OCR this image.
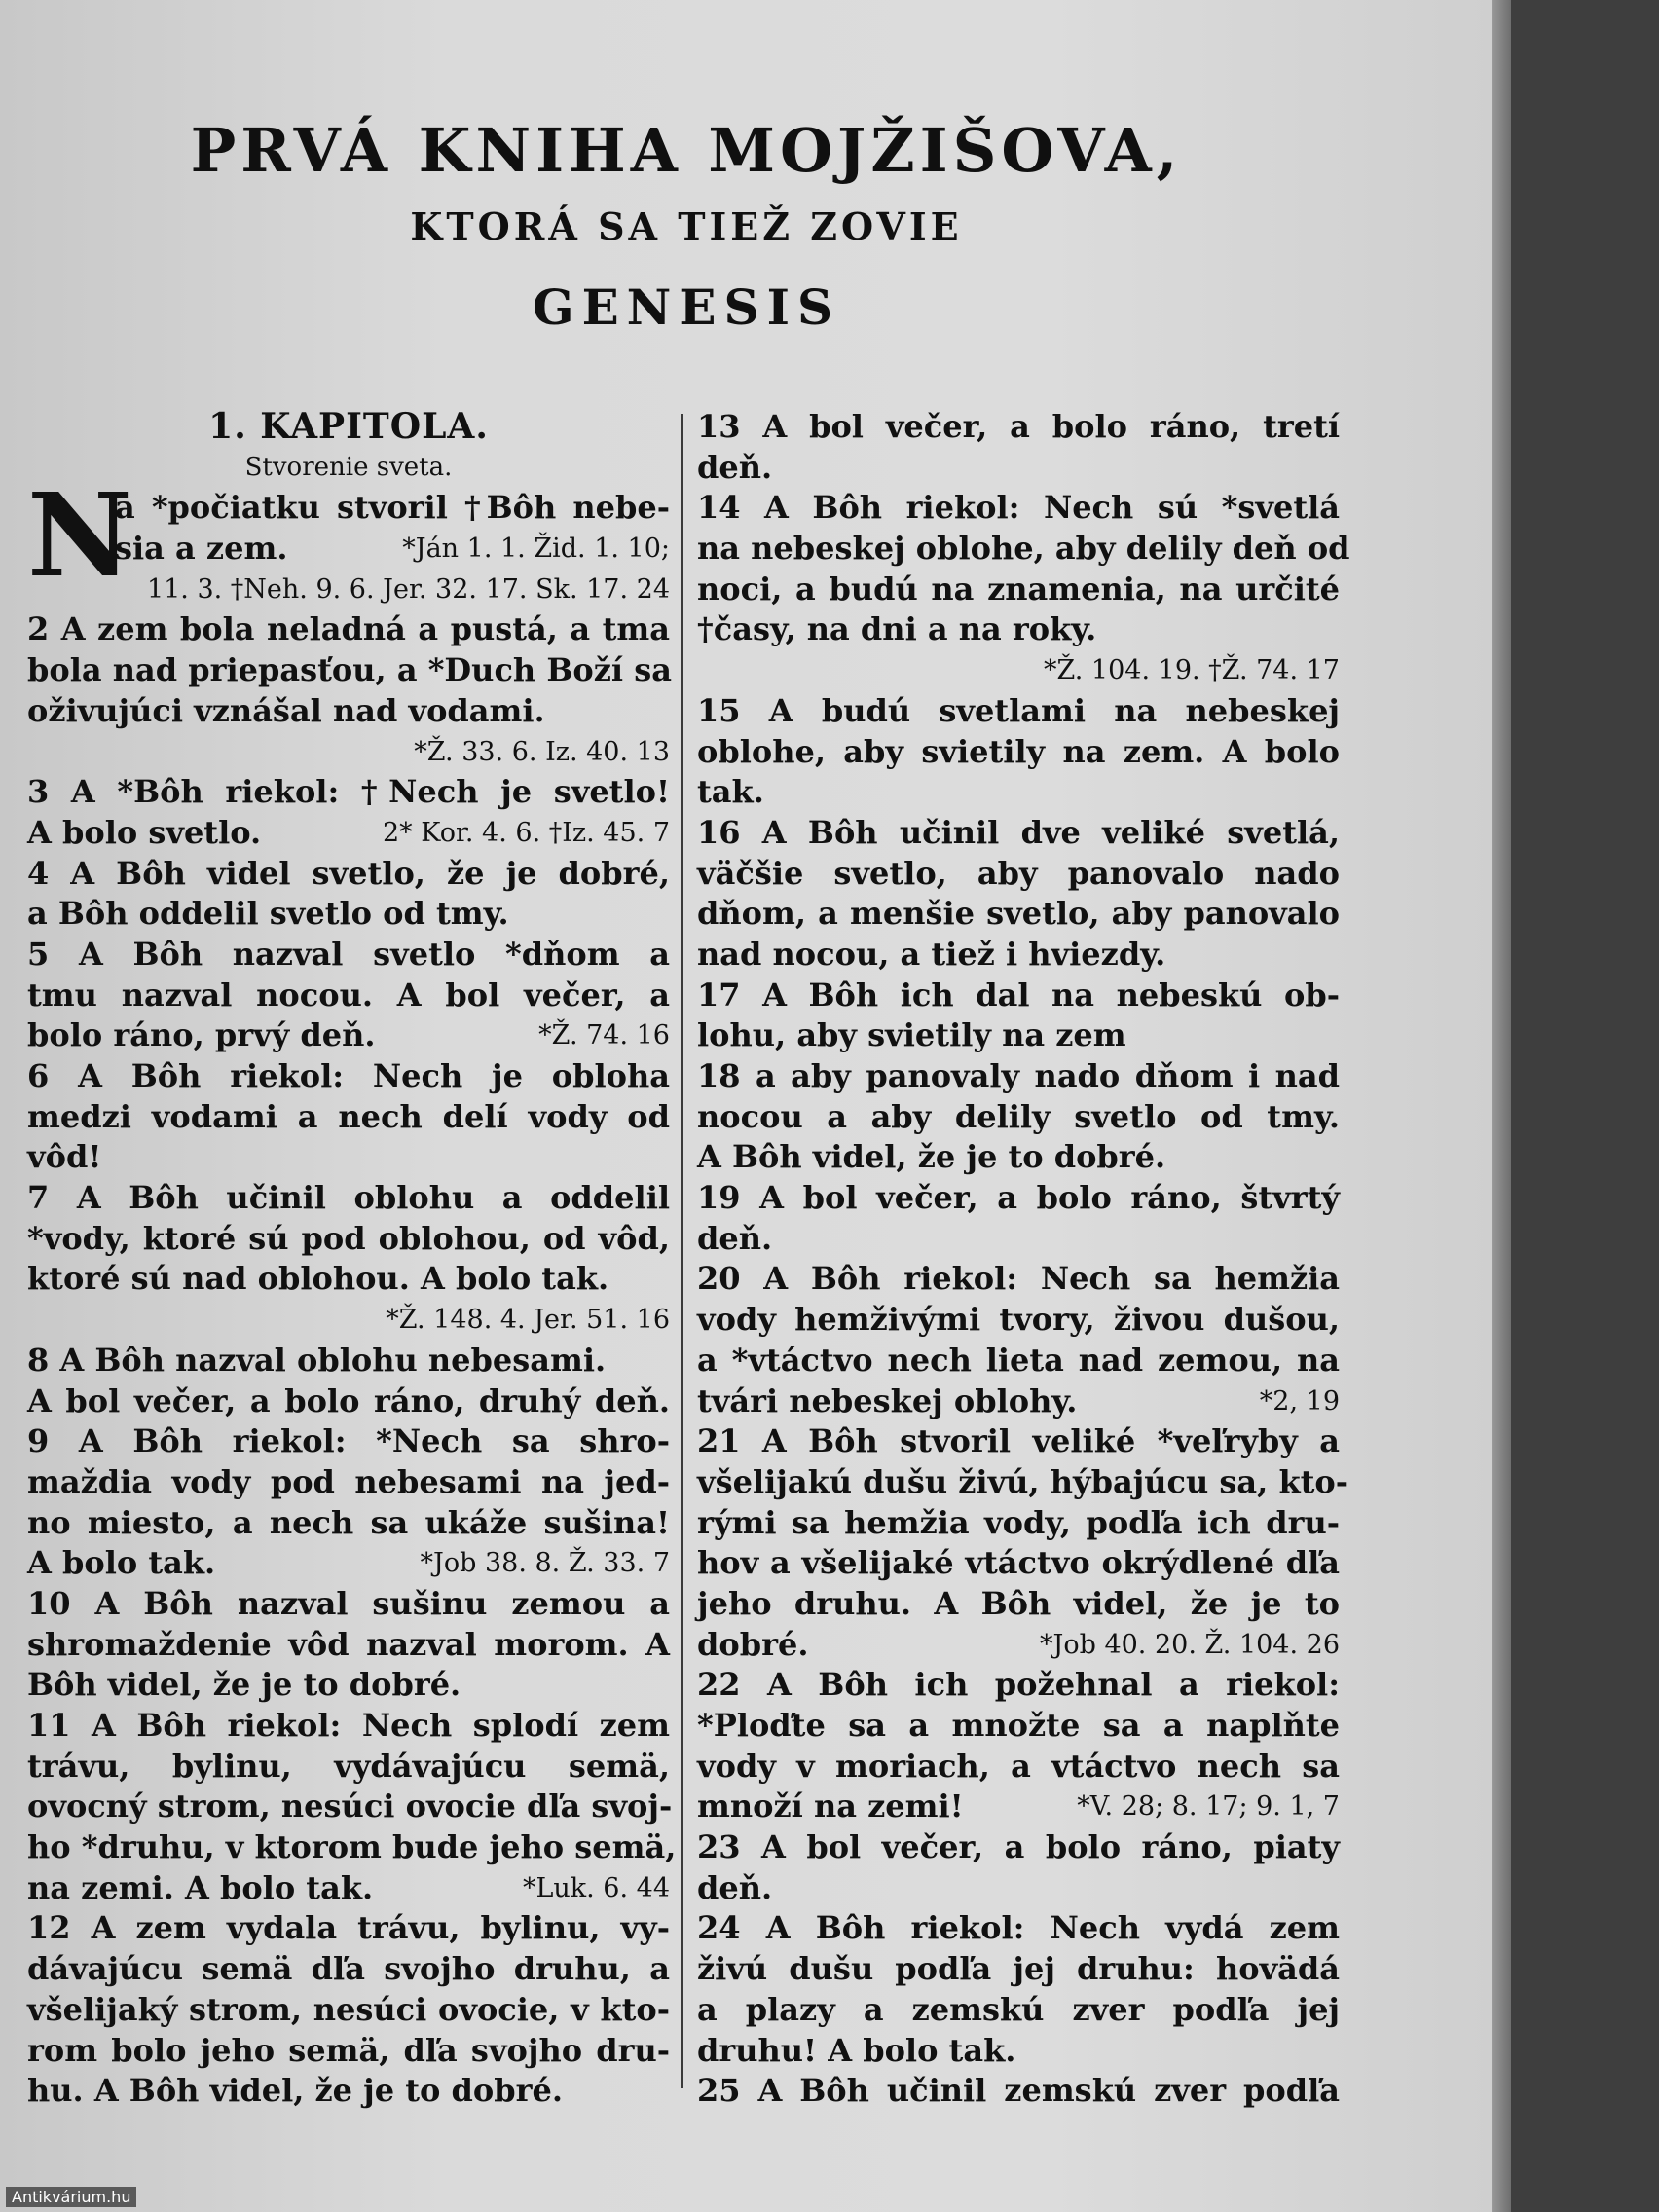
PRVÁ KNIHA MOJŽIŠOVA,
KTORÁ SA TIEŽ ZOVIE
GENESIS
N
1. KAPITOLA.
Stvorenie sveta.
a *počiatku stvoril †Bôh nebe-
sia a zem.	*Ján 1. 1. Žid. 1. 10;
11. 3. †Neh. 9. 6. Jer. 32. 17. Sk. 17. 24
2 A zem bola neladná a pustá, a tma
bola nad priepasťou, a *Duch Boží sa
oživujúci vznášal nad vodami.
*Ž. 33. 6. Iz. 40. 13
3 A *Bôh riekol: †Nech je svetlo!
A bolo svetlo.	2* Kor. 4. 6. †Iz. 45. 7
4 A Bôh videl svetlo, že je dobré,
a Bôh oddelil svetlo od tmy.
5 A Bôh nazval svetlo *dňom a
tmu nazval nocou. A bol večer, a
bolo ráno, prvý deň.	*Ž. 74. 16
6 A Bôh riekol: Nech je obloha
medzi vodami a nech delí vody od
vôd!
7 A Bôh učinil oblohu a oddelil
*vody, ktoré sú pod oblohou, od vôd,
ktoré sú nad oblohou. A bolo tak.
*Ž. 148. 4. Jer. 51. 16
8 A Bôh nazval oblohu nebesami.
A bol večer, a bolo ráno, druhý deň.
9 A Bôh riekol: *Nech sa shro-
maždia vody pod nebesami na jed-
no miesto, a nech sa ukáže sušina!
A bolo tak.	*Job 38. 8. Ž. 33. 7
10 A Bôh nazval sušinu zemou a
shromaždenie vôd nazval morom. A
Bôh videl, že je to dobré.
11 A Bôh riekol: Nech splodí zem
trávu, bylinu, vydávajúcu semä,
ovocný strom, nesúci ovocie dľa svoj-
ho *druhu, v ktorom bude jeho semä,
na zemi. A bolo tak.	*Luk. 6. 44
12 A zem vydala trávu, bylinu, vy-
dávajúcu semä dľa svojho druhu, a
všelijaký strom, nesúci ovocie, v kto-
rom bolo jeho semä, dľa svojho dru-
hu. A Bôh videl, že je to dobré.
13 A bol večer, a bolo ráno, tretí
deň.
14 A Bôh riekol: Nech sú *svetlá
na nebeskej oblohe, aby delily deň od
noci, a budú na znamenia, na určité
†časy, na dni a na roky.
*Ž. 104. 19. †Ž. 74. 17
15 A budú svetlami na nebeskej
oblohe, aby svietily na zem. A bolo
tak.
16 A Bôh učinil dve veliké svetlá,
väčšie svetlo, aby panovalo nado
dňom, a menšie svetlo, aby panovalo
nad nocou, a tiež i hviezdy.
17 A Bôh ich dal na nebeskú ob-
lohu, aby svietily na zem
18 a aby panovaly nado dňom i nad
nocou a aby delily svetlo od tmy.
A Bôh videl, že je to dobré.
19 A bol večer, a bolo ráno, štvrtý
deň.
20 A Bôh riekol: Nech sa hemžia
vody hemživými tvory, živou dušou,
a *vtáctvo nech lieta nad zemou, na
tvári nebeskej oblohy.	*2, 19
21 A Bôh stvoril veliké *veľryby a
všelijakú dušu živú, hýbajúcu sa, kto-
rými sa hemžia vody, podľa ich dru-
hov a všelijaké vtáctvo okrýdlené dľa
jeho druhu. A Bôh videl, že je to
dobré.	*Job 40. 20. Ž. 104. 26
22 A Bôh ich požehnal a riekol:
*Ploďte sa a množte sa a naplňte
vody v moriach, a vtáctvo nech sa
množí na zemi!	*V. 28; 8. 17; 9. 1, 7
23 A bol večer, a bolo ráno, piaty
deň.
24 A Bôh riekol: Nech vydá zem
živú dušu podľa jej druhu: hovädá
a plazy a zemskú zver podľa jej
druhu! A bolo tak.
25 A Bôh učinil zemskú zver podľa
Antikvárium.hu
